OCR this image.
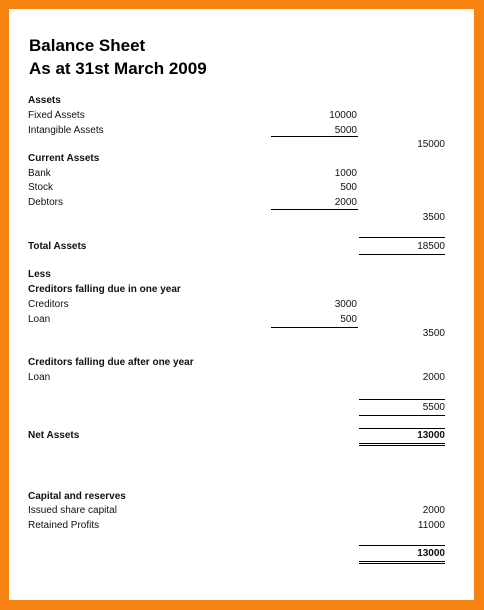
Balance Sheet
As at 31st March 2009
Assets
Fixed Assets	10000
Intangible Assets	5000
15000
Current Assets
Bank	1000
Stock	500
Debtors	2000
3500
Total Assets	18500
Less
Creditors falling due in one year
Creditors	3000
Loan	500
3500
Creditors falling due after one year
Loan	2000
5500
Net Assets	13000
Capital and reserves
Issued share capital	2000
Retained Profits	11000
13000
